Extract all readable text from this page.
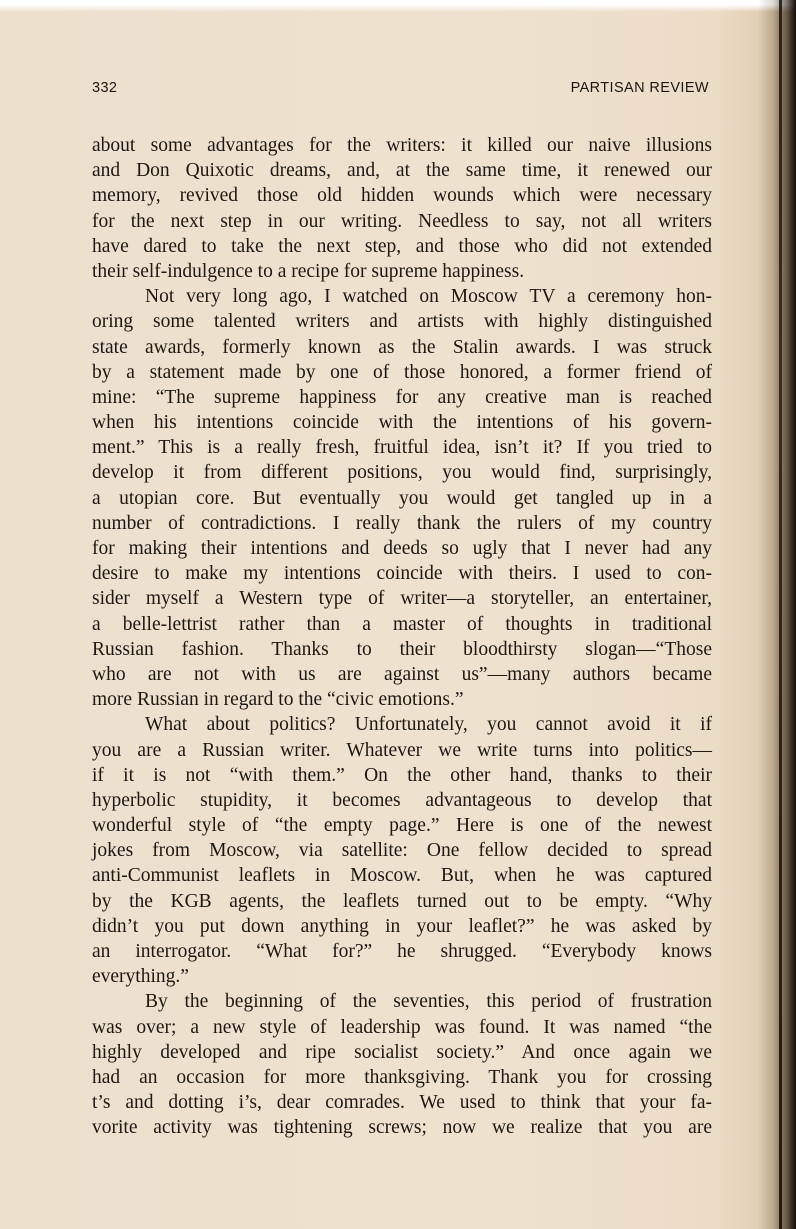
332	PARTISAN REVIEW
about some advantages for the writers: it killed our naive illusions
and Don Quixotic dreams, and, at the same time, it renewed our
memory, revived those old hidden wounds which were necessary
for the next step in our writing. Needless to say, not all writers
have dared to take the next step, and those who did not extended
their self-indulgence to a recipe for supreme happiness.
Not very long ago, I watched on Moscow TV a ceremony hon-
oring some talented writers and artists with highly distinguished
state awards, formerly known as the Stalin awards. I was struck
by a statement made by one of those honored, a former friend of
mine: “The supreme happiness for any creative man is reached
when his intentions coincide with the intentions of his govern-
ment.” This is a really fresh, fruitful idea, isn’t it? If you tried to
develop it from different positions, you would find, surprisingly,
a utopian core. But eventually you would get tangled up in a
number of contradictions. I really thank the rulers of my country
for making their intentions and deeds so ugly that I never had any
desire to make my intentions coincide with theirs. I used to con-
sider myself a Western type of writer—a storyteller, an entertainer,
a belle-lettrist rather than a master of thoughts in traditional
Russian fashion. Thanks to their bloodthirsty slogan—“Those
who are not with us are against us”—many authors became
more Russian in regard to the “civic emotions.”
What about politics? Unfortunately, you cannot avoid it if
you are a Russian writer. Whatever we write turns into politics—
if it is not “with them.” On the other hand, thanks to their
hyperbolic stupidity, it becomes advantageous to develop that
wonderful style of “the empty page.” Here is one of the newest
jokes from Moscow, via satellite: One fellow decided to spread
anti-Communist leaflets in Moscow. But, when he was captured
by the KGB agents, the leaflets turned out to be empty. “Why
didn’t you put down anything in your leaflet?” he was asked by
an interrogator. “What for?” he shrugged. “Everybody knows
everything.”
By the beginning of the seventies, this period of frustration
was over; a new style of leadership was found. It was named “the
highly developed and ripe socialist society.” And once again we
had an occasion for more thanksgiving. Thank you for crossing
t’s and dotting i’s, dear comrades. We used to think that your fa-
vorite activity was tightening screws; now we realize that you are
